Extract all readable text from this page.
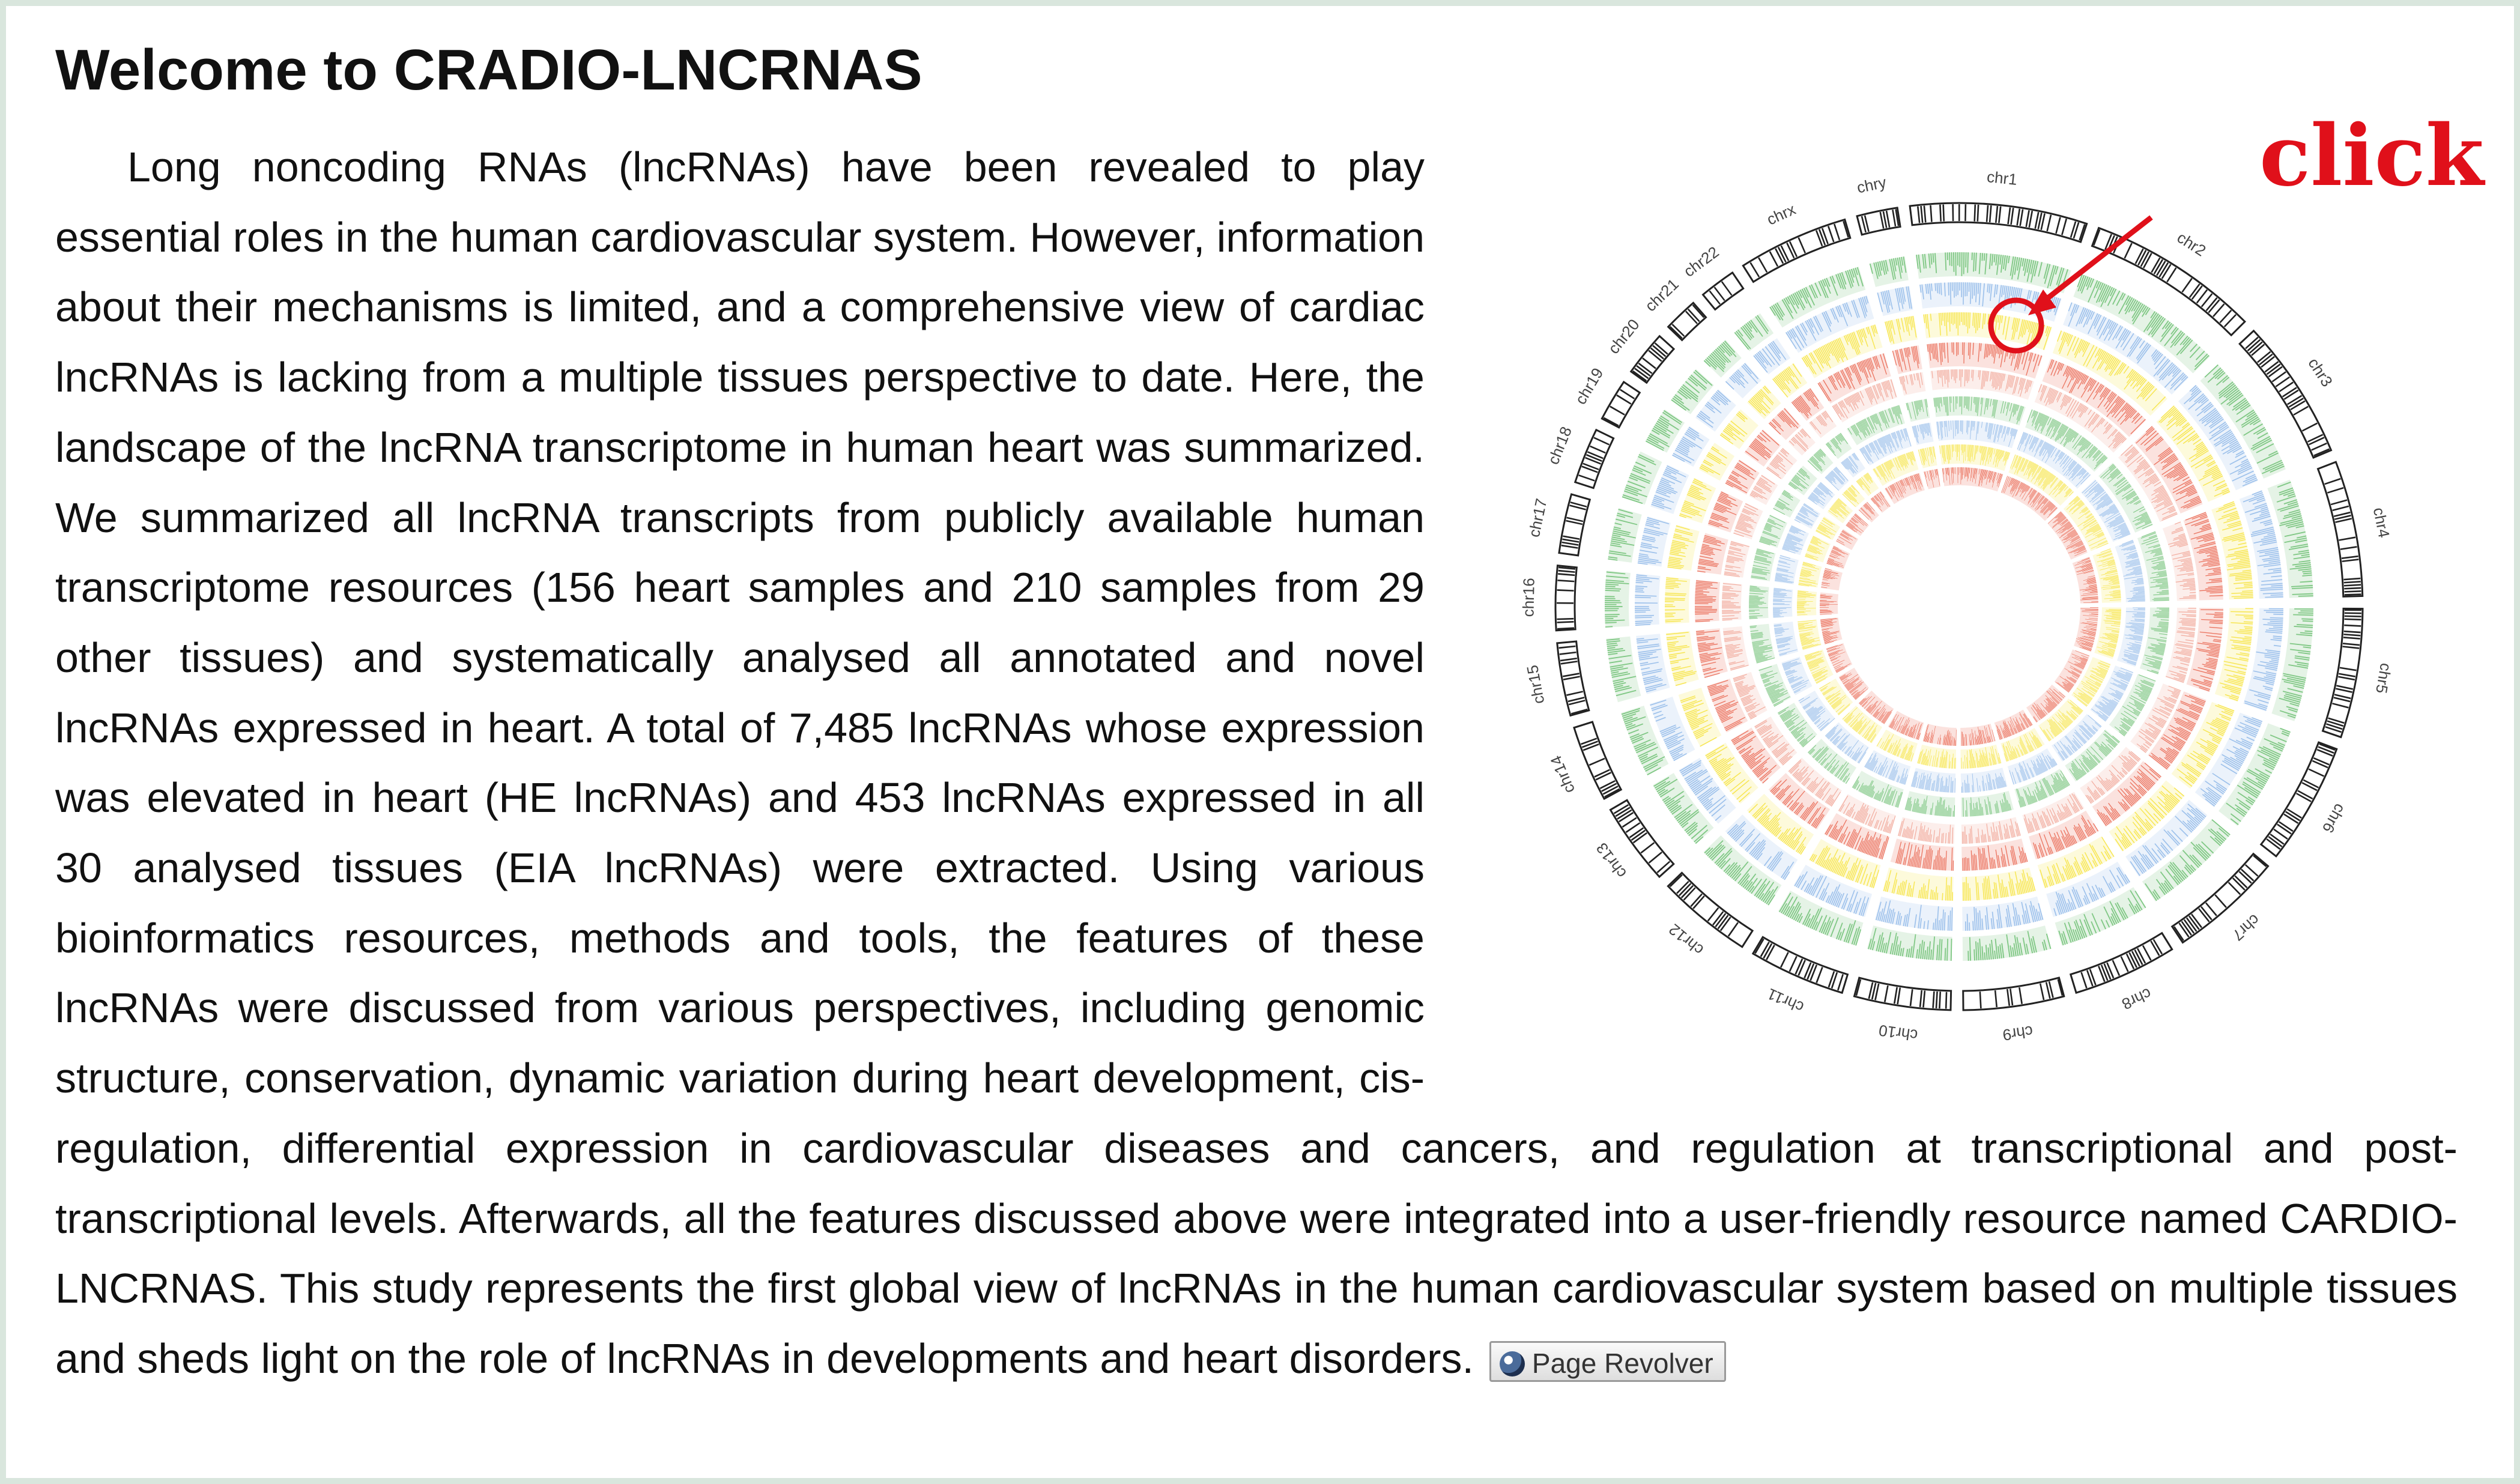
Welcome to CRADIO-LNCRNAS
chr1
chr2
chr3
chr4
chr5
chr6
chr7
chr8
chr9
chr10
chr11
chr12
chr13
chr14
chr15
chr16
chr17
chr18
chr19
chr20
chr21
chr22
chrx
chry	click
Long noncoding RNAs (lncRNAs) have been revealed to play essential roles in the human cardiovascular system. However, information about their mechanisms is limited, and a comprehensive view of cardiac lncRNAs is lacking from a multiple tissues perspective to date. Here, the landscape of the lncRNA transcriptome in human heart was summarized. We summarized all lncRNA transcripts from publicly available human transcriptome resources (156 heart samples and 210 samples from 29 other tissues) and systematically analysed all annotated and novel lncRNAs expressed in heart. A total of 7,485 lncRNAs whose expression was elevated in heart (HE lncRNAs) and 453 lncRNAs expressed in all 30 analysed tissues (EIA lncRNAs) were extracted. Using various bioinformatics resources, methods and tools, the features of these lncRNAs were discussed from various perspectives, including genomic structure, conservation, dynamic variation during heart development, cis-regulation, differential expression in cardiovascular diseases and cancers, and regulation at transcriptional and post-transcriptional levels. Afterwards, all the features discussed above were integrated into a user-friendly resource named CARDIO-LNCRNAS. This study represents the first global view of lncRNAs in the human cardiovascular system based on multiple tissues and sheds light on the role of lncRNAs in developments and heart disorders. Page Revolver
